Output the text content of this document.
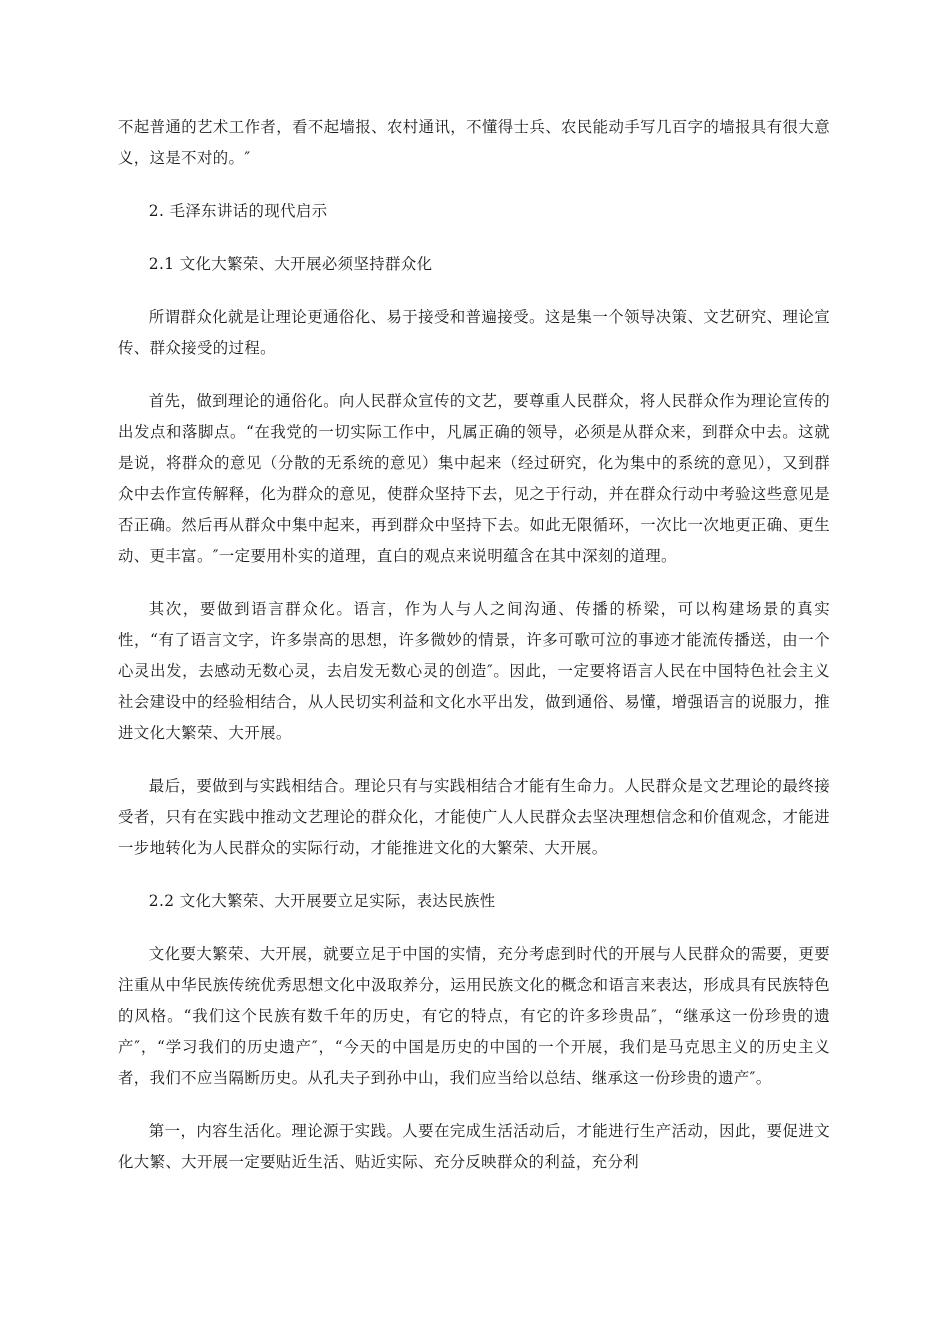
不起普通的艺术工作者，看不起墙报、农村通讯，不懂得士兵、农民能动手写几百字的墙报具有很大意义，这是不对的。″

2. 毛泽东讲话的现代启示

2.1 文化大繁荣、大开展必须坚持群众化

所谓群众化就是让理论更通俗化、易于接受和普遍接受。这是集一个领导决策、文艺研究、理论宣传、群众接受的过程。

首先，做到理论的通俗化。向人民群众宣传的文艺，要尊重人民群众，将人民群众作为理论宣传的出发点和落脚点。“在我党的一切实际工作中，凡属正确的领导，必须是从群众来，到群众中去。这就是说，将群众的意见（分散的无系统的意见）集中起来（经过研究，化为集中的系统的意见），又到群众中去作宣传解释，化为群众的意见，使群众坚持下去，见之于行动，并在群众行动中考验这些意见是否正确。然后再从群众中集中起来，再到群众中坚持下去。如此无限循环，一次比一次地更正确、更生动、更丰富。″一定要用朴实的道理，直白的观点来说明蕴含在其中深刻的道理。

其次，要做到语言群众化。语言，作为人与人之间沟通、传播的桥梁，可以构建场景的真实性，“有了语言文字，许多崇高的思想，许多微妙的情景，许多可歌可泣的事迹才能流传播送，由一个心灵出发，去感动无数心灵，去启发无数心灵的创造″。因此，一定要将语言人民在中国特色社会主义社会建设中的经验相结合，从人民切实利益和文化水平出发，做到通俗、易懂，增强语言的说服力，推进文化大繁荣、大开展。

最后，要做到与实践相结合。理论只有与实践相结合才能有生命力。人民群众是文艺理论的最终接受者，只有在实践中推动文艺理论的群众化，才能使广人人民群众去坚决理想信念和价值观念，才能进一步地转化为人民群众的实际行动，才能推进文化的大繁荣、大开展。

2.2 文化大繁荣、大开展要立足实际，表达民族性

文化要大繁荣、大开展，就要立足于中国的实情，充分考虑到时代的开展与人民群众的需要，更要注重从中华民族传统优秀思想文化中汲取养分，运用民族文化的概念和语言来表达，形成具有民族特色的风格。“我们这个民族有数千年的历史，有它的特点，有它的许多珍贵品″，“继承这一份珍贵的遗产″，“学习我们的历史遗产″，“今天的中国是历史的中国的一个开展，我们是马克思主义的历史主义者，我们不应当隔断历史。从孔夫子到孙中山，我们应当给以总结、继承这一份珍贵的遗产″。

第一，内容生活化。理论源于实践。人要在完成生活活动后，才能进行生产活动，因此，要促进文化大繁、大开展一定要贴近生活、贴近实际、充分反映群众的利益，充分利
